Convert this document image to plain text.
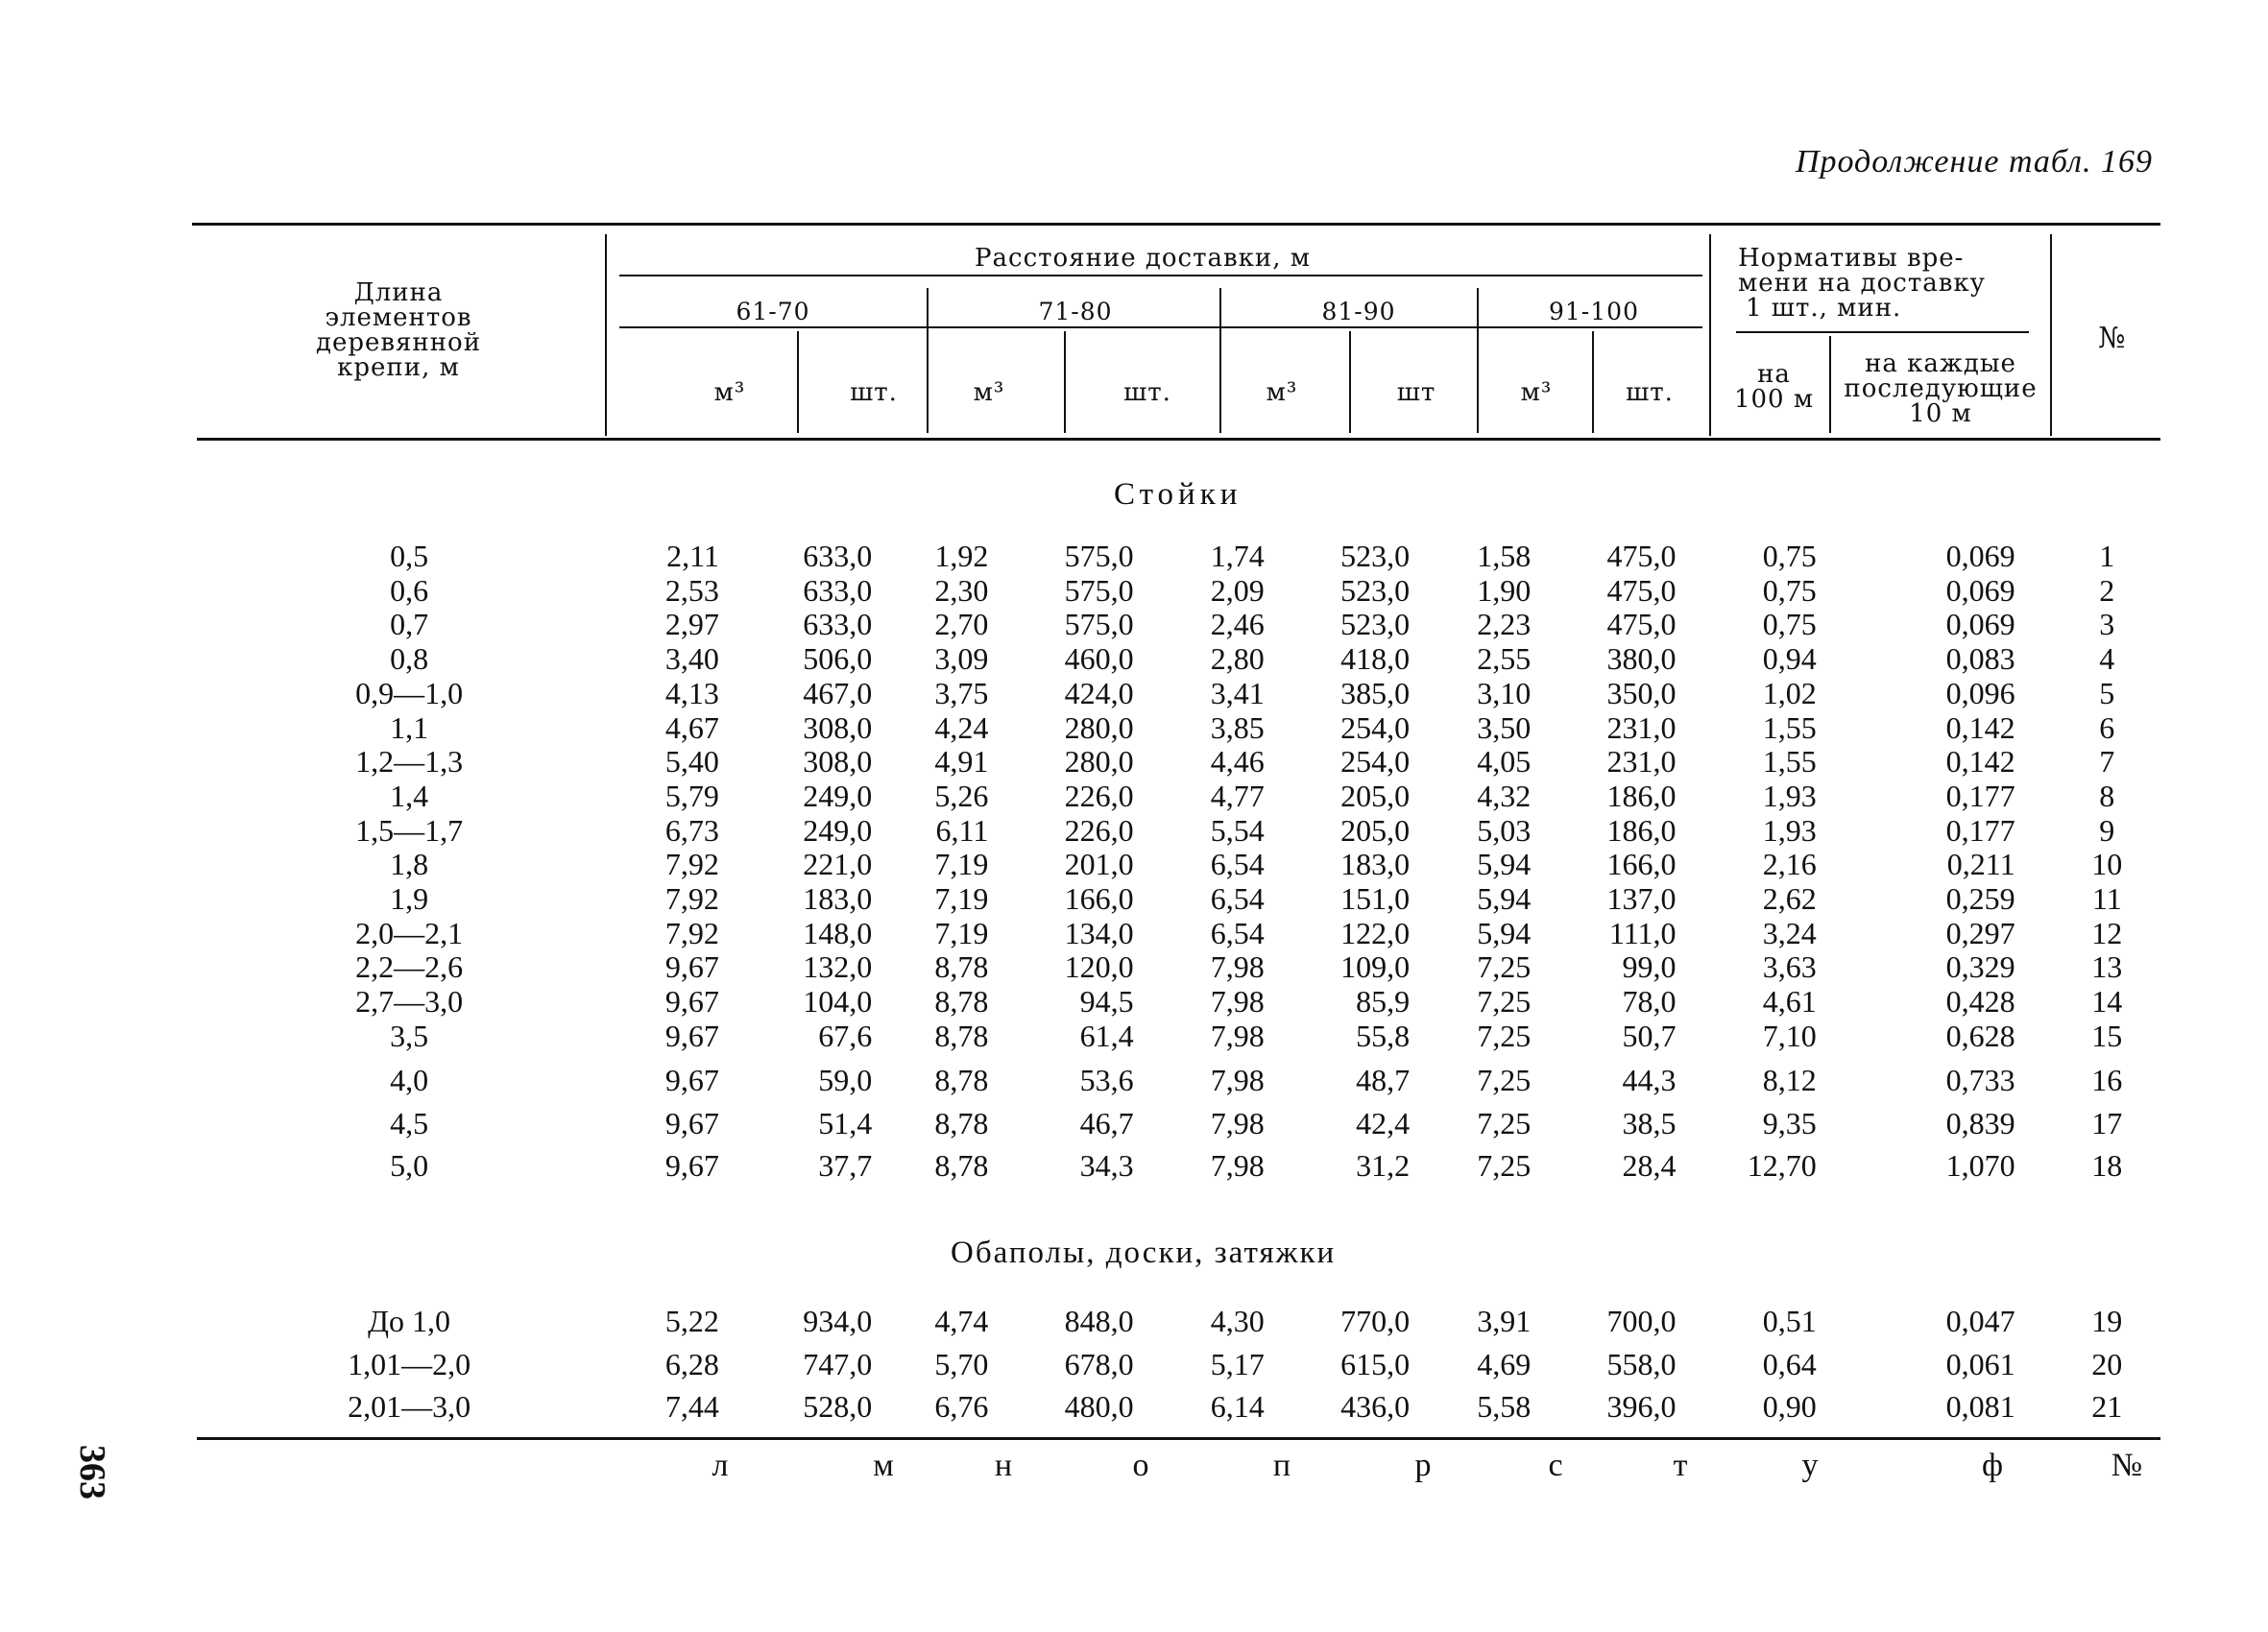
Продолжение табл. 169
363
Длина
элементов
деревянной
крепи, м
Расстояние доставки, м
61-70	71-80	81-90	91-100
м³	шт.	м³	шт.	м³	шт	м³	шт.
Нормативы вре-
мени на доставку
1 шт., мин.
на
100 м
на каждые
последующие
10 м
№
Стойки
0,5	2,11	633,0	1,92	575,0	1,74	523,0	1,58	475,0	0,75	0,069	1
0,6	2,53	633,0	2,30	575,0	2,09	523,0	1,90	475,0	0,75	0,069	2
0,7	2,97	633,0	2,70	575,0	2,46	523,0	2,23	475,0	0,75	0,069	3
0,8	3,40	506,0	3,09	460,0	2,80	418,0	2,55	380,0	0,94	0,083	4
0,9—1,0	4,13	467,0	3,75	424,0	3,41	385,0	3,10	350,0	1,02	0,096	5
1,1	4,67	308,0	4,24	280,0	3,85	254,0	3,50	231,0	1,55	0,142	6
1,2—1,3	5,40	308,0	4,91	280,0	4,46	254,0	4,05	231,0	1,55	0,142	7
1,4	5,79	249,0	5,26	226,0	4,77	205,0	4,32	186,0	1,93	0,177	8
1,5—1,7	6,73	249,0	6,11	226,0	5,54	205,0	5,03	186,0	1,93	0,177	9
1,8	7,92	221,0	7,19	201,0	6,54	183,0	5,94	166,0	2,16	0,211	10
1,9	7,92	183,0	7,19	166,0	6,54	151,0	5,94	137,0	2,62	0,259	11
2,0—2,1	7,92	148,0	7,19	134,0	6,54	122,0	5,94	111,0	3,24	0,297	12
2,2—2,6	9,67	132,0	8,78	120,0	7,98	109,0	7,25	99,0	3,63	0,329	13
2,7—3,0	9,67	104,0	8,78	94,5	7,98	85,9	7,25	78,0	4,61	0,428	14
3,5	9,67	67,6	8,78	61,4	7,98	55,8	7,25	50,7	7,10	0,628	15
4,0	9,67	59,0	8,78	53,6	7,98	48,7	7,25	44,3	8,12	0,733	16
4,5	9,67	51,4	8,78	46,7	7,98	42,4	7,25	38,5	9,35	0,839	17
5,0	9,67	37,7	8,78	34,3	7,98	31,2	7,25	28,4	12,70	1,070	18
Обаполы, доски, затяжки
До 1,0	5,22	934,0	4,74	848,0	4,30	770,0	3,91	700,0	0,51	0,047	19
1,01—2,0	6,28	747,0	5,70	678,0	5,17	615,0	4,69	558,0	0,64	0,061	20
2,01—3,0	7,44	528,0	6,76	480,0	6,14	436,0	5,58	396,0	0,90	0,081	21
л	м	н	о	п	р	с	т	у	ф	№
